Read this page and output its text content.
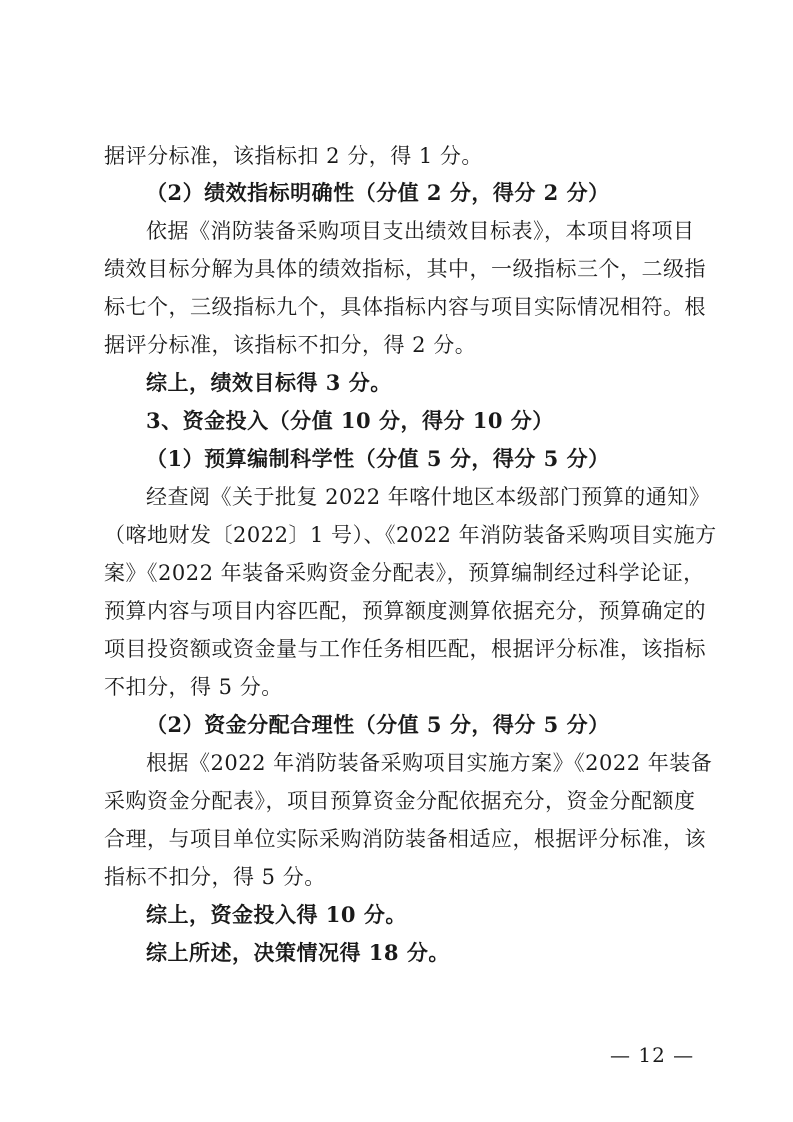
据评分标准，该指标扣 2 分，得 1 分。
（2）绩效指标明确性（分值 2 分，得分 2 分）
依据《消防装备采购项目支出绩效目标表》，本项目将项目
绩效目标分解为具体的绩效指标，其中，一级指标三个，二级指
标七个，三级指标九个，具体指标内容与项目实际情况相符。根
据评分标准，该指标不扣分，得 2 分。
综上，绩效目标得 3 分。
3、资金投入（分值 10 分，得分 10 分）
（1）预算编制科学性（分值 5 分，得分 5 分）
经查阅《关于批复 2022 年喀什地区本级部门预算的通知》
（喀地财发〔2022〕1 号）、《2022 年消防装备采购项目实施方
案》《2022 年装备采购资金分配表》，预算编制经过科学论证，
预算内容与项目内容匹配，预算额度测算依据充分，预算确定的
项目投资额或资金量与工作任务相匹配，根据评分标准，该指标
不扣分，得 5 分。
（2）资金分配合理性（分值 5 分，得分 5 分）
根据《2022 年消防装备采购项目实施方案》《2022 年装备
采购资金分配表》，项目预算资金分配依据充分，资金分配额度
合理，与项目单位实际采购消防装备相适应，根据评分标准，该
指标不扣分，得 5 分。
综上，资金投入得 10 分。
综上所述，决策情况得 18 分。
— 12 —
